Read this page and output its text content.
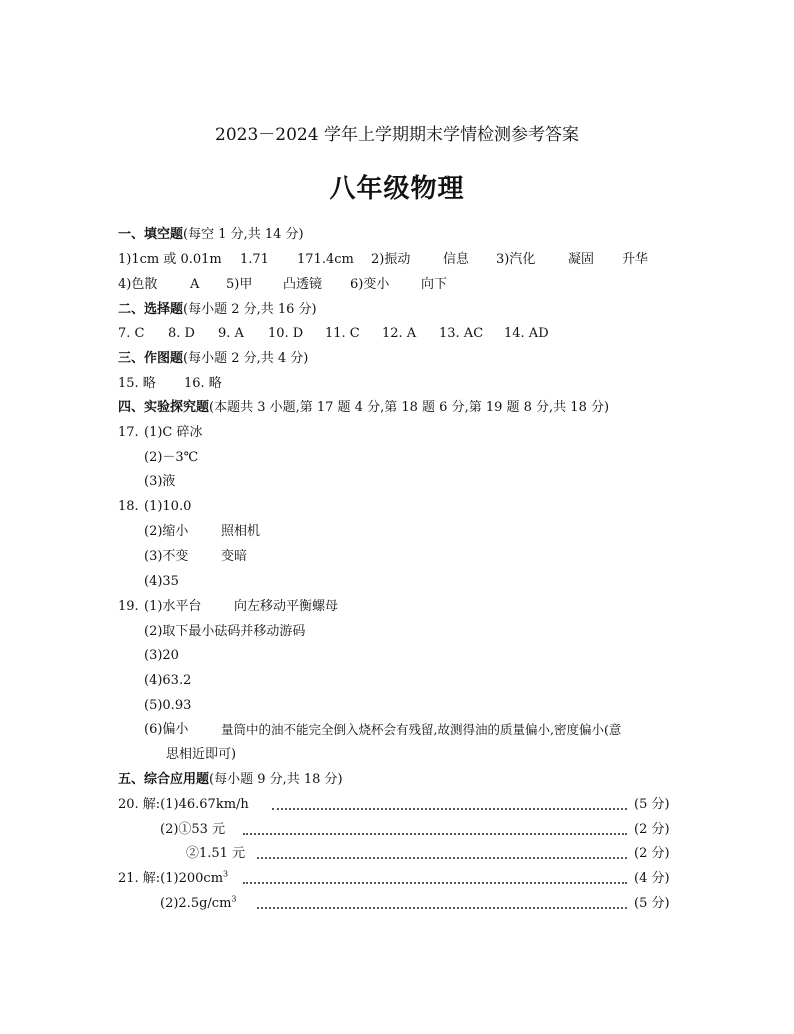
2023－2024 学年上学期期末学情检测参考答案
八年级物理
一、填空题(每空 1 分,共 14 分)
1)1cm 或 0.01m 1.71 171.4cm 2)振动	信息 3)汽化	凝固 升华
4)色散	A 5)甲 凸透镜 6)变小 向下
二、选择题(每小题 2 分,共 16 分)
7. C 8. D 9. A 10. D 11. C 12. A 13. AC 14. AD
三、作图题(每小题 2 分,共 4 分)
15. 略 16. 略
四、实验探究题(本题共 3 小题,第 17 题 4 分,第 18 题 6 分,第 19 题 8 分,共 18 分)
17. (1)C 碎冰
(2)－3℃
(3)液
18. (1)10.0
(2)缩小	照相机
(3)不变	变暗
(4)35
19. (1)水平台	向左移动平衡螺母
(2)取下最小砝码并移动游码
(3)20
(4)63.2
(5)0.93
(6)偏小	量筒中的油不能完全倒入烧杯会有残留,故测得油的质量偏小,密度偏小(意
思相近即可)
五、综合应用题(每小题 9 分,共 18 分)
20. 解:(1)46.67km/h	(5 分)
(2)①53 元	(2 分)
②1.51 元	(2 分)
21. 解$:(1)200cm^3$	(4 分)
$(2)2.5g/cm^3$	(5 分)
